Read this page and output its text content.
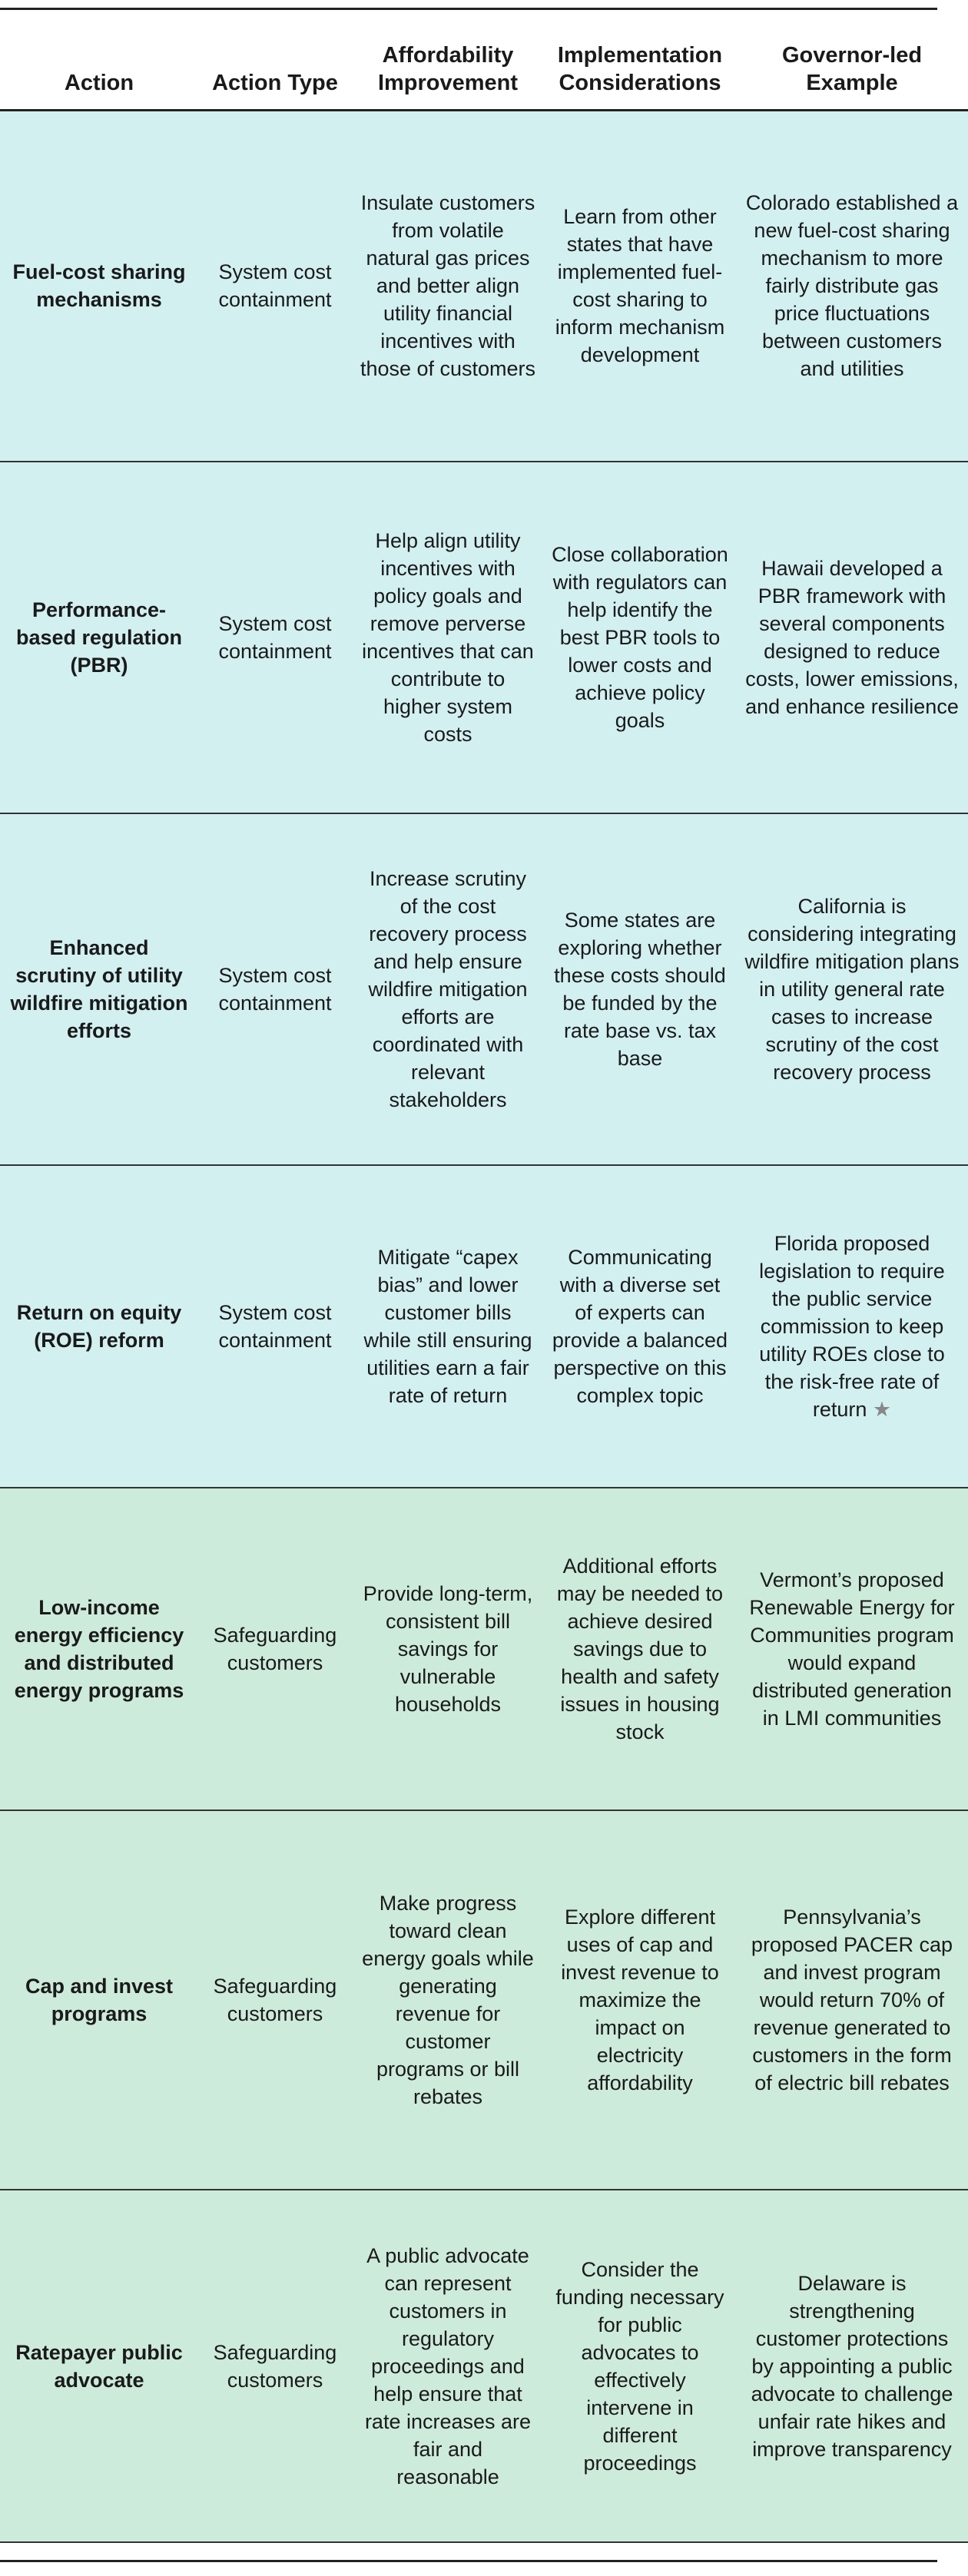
Action	Action Type	Affordability Improvement	Implementation Considerations	Governor-led Example
Fuel-cost sharing mechanisms	System cost containment	Insulate customers from volatile natural gas prices and better align utility financial incentives with those of customers	Learn from other states that have implemented fuel-cost sharing to inform mechanism development	Colorado established a new fuel-cost sharing mechanism to more fairly distribute gas price fluctuations between customers and utilities
Performance-based regulation (PBR)	System cost containment	Help align utility incentives with policy goals and remove perverse incentives that can contribute to higher system costs	Close collaboration with regulators can help identify the best PBR tools to lower costs and achieve policy goals	Hawaii developed a PBR framework with several components designed to reduce costs, lower emissions, and enhance resilience
Enhanced scrutiny of utility wildfire mitigation efforts	System cost containment	Increase scrutiny of the cost recovery process and help ensure wildfire mitigation efforts are coordinated with relevant stakeholders	Some states are exploring whether these costs should be funded by the rate base vs. tax base	California is considering integrating wildfire mitigation plans in utility general rate cases to increase scrutiny of the cost recovery process
Return on equity (ROE) reform	System cost containment	Mitigate “capex bias” and lower customer bills while still ensuring utilities earn a fair rate of return	Communicating with a diverse set of experts can provide a balanced perspective on this complex topic	Florida proposed legislation to require the public service commission to keep utility ROEs close to the risk-free rate of return ★
Low-income energy efficiency and distributed energy programs	Safeguarding customers	Provide long-term, consistent bill savings for vulnerable households	Additional efforts may be needed to achieve desired savings due to health and safety issues in housing stock	Vermont’s proposed Renewable Energy for Communities program would expand distributed generation in LMI communities
Cap and invest programs	Safeguarding customers	Make progress toward clean energy goals while generating revenue for customer programs or bill rebates	Explore different uses of cap and invest revenue to maximize the impact on electricity affordability	Pennsylvania’s proposed PACER cap and invest program would return 70% of revenue generated to customers in the form of electric bill rebates
Ratepayer public advocate	Safeguarding customers	A public advocate can represent customers in regulatory proceedings and help ensure that rate increases are fair and reasonable	Consider the funding necessary for public advocates to effectively intervene in different proceedings	Delaware is strengthening customer protections by appointing a public advocate to challenge unfair rate hikes and improve transparency
